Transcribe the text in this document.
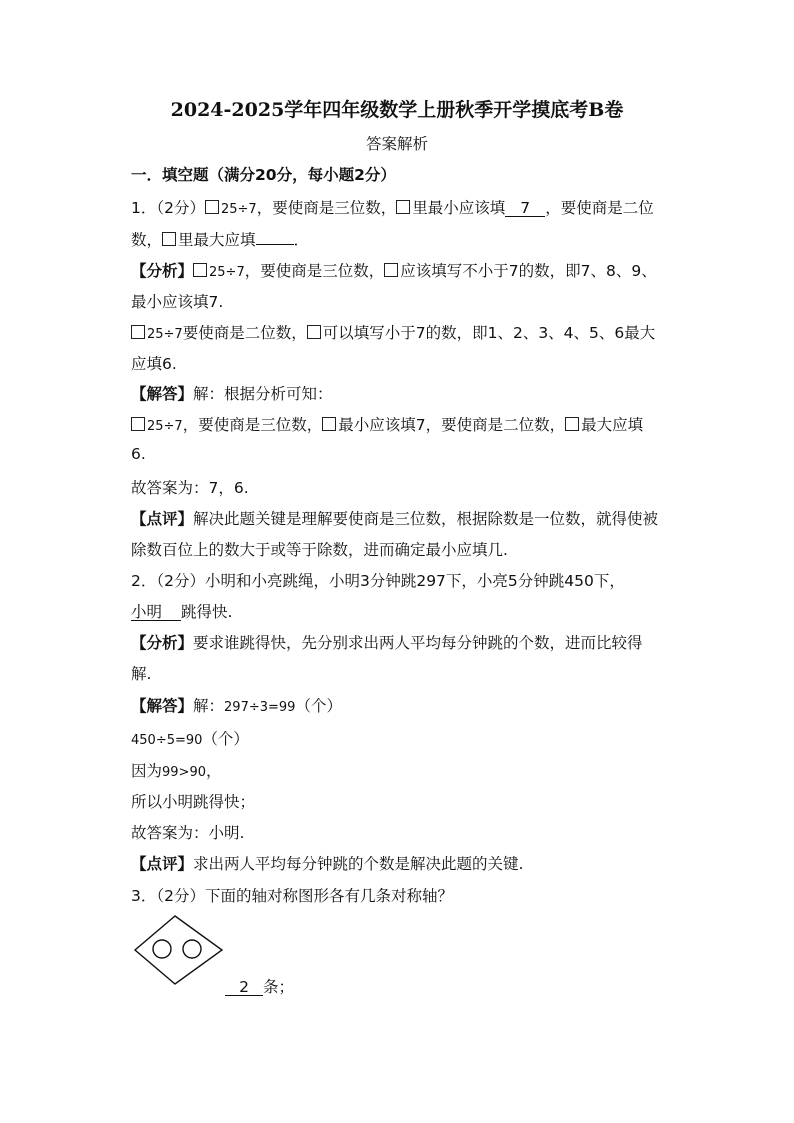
2024-2025学年四年级数学上册秋季开学摸底考B卷
答案解析
一．填空题（满分20分，每小题2分）
1．（2分） 25÷7，要使商是三位数， 里最小应该填 7 ，要使商是二位
数， 里最大应填 ．
【分析】 25÷7，要使商是三位数， 应该填写不小于7的数，即7、8、9、
最小应该填7.
25÷7要使商是二位数， 可以填写小于7的数，即1、2、3、4、5、6最大
应填6.
【解答】解：根据分析可知：
25÷7，要使商是三位数， 最小应该填7，要使商是二位数， 最大应填
6.
故答案为：7，6.
【点评】解决此题关键是理解要使商是三位数，根据除数是一位数，就得使被
除数百位上的数大于或等于除数，进而确定最小应填几.
2．（2分）小明和小亮跳绳，小明3分钟跳297下，小亮5分钟跳450下，
小明 跳得快.
【分析】要求谁跳得快，先分别求出两人平均每分钟跳的个数，进而比较得
解.
【解答】解：297÷3=99（个）
450÷5=90（个）
因为99>90，
所以小明跳得快；
故答案为：小明.
【点评】求出两人平均每分钟跳的个数是解决此题的关键.
3．（2分）下面的轴对称图形各有几条对称轴？
2 条；
